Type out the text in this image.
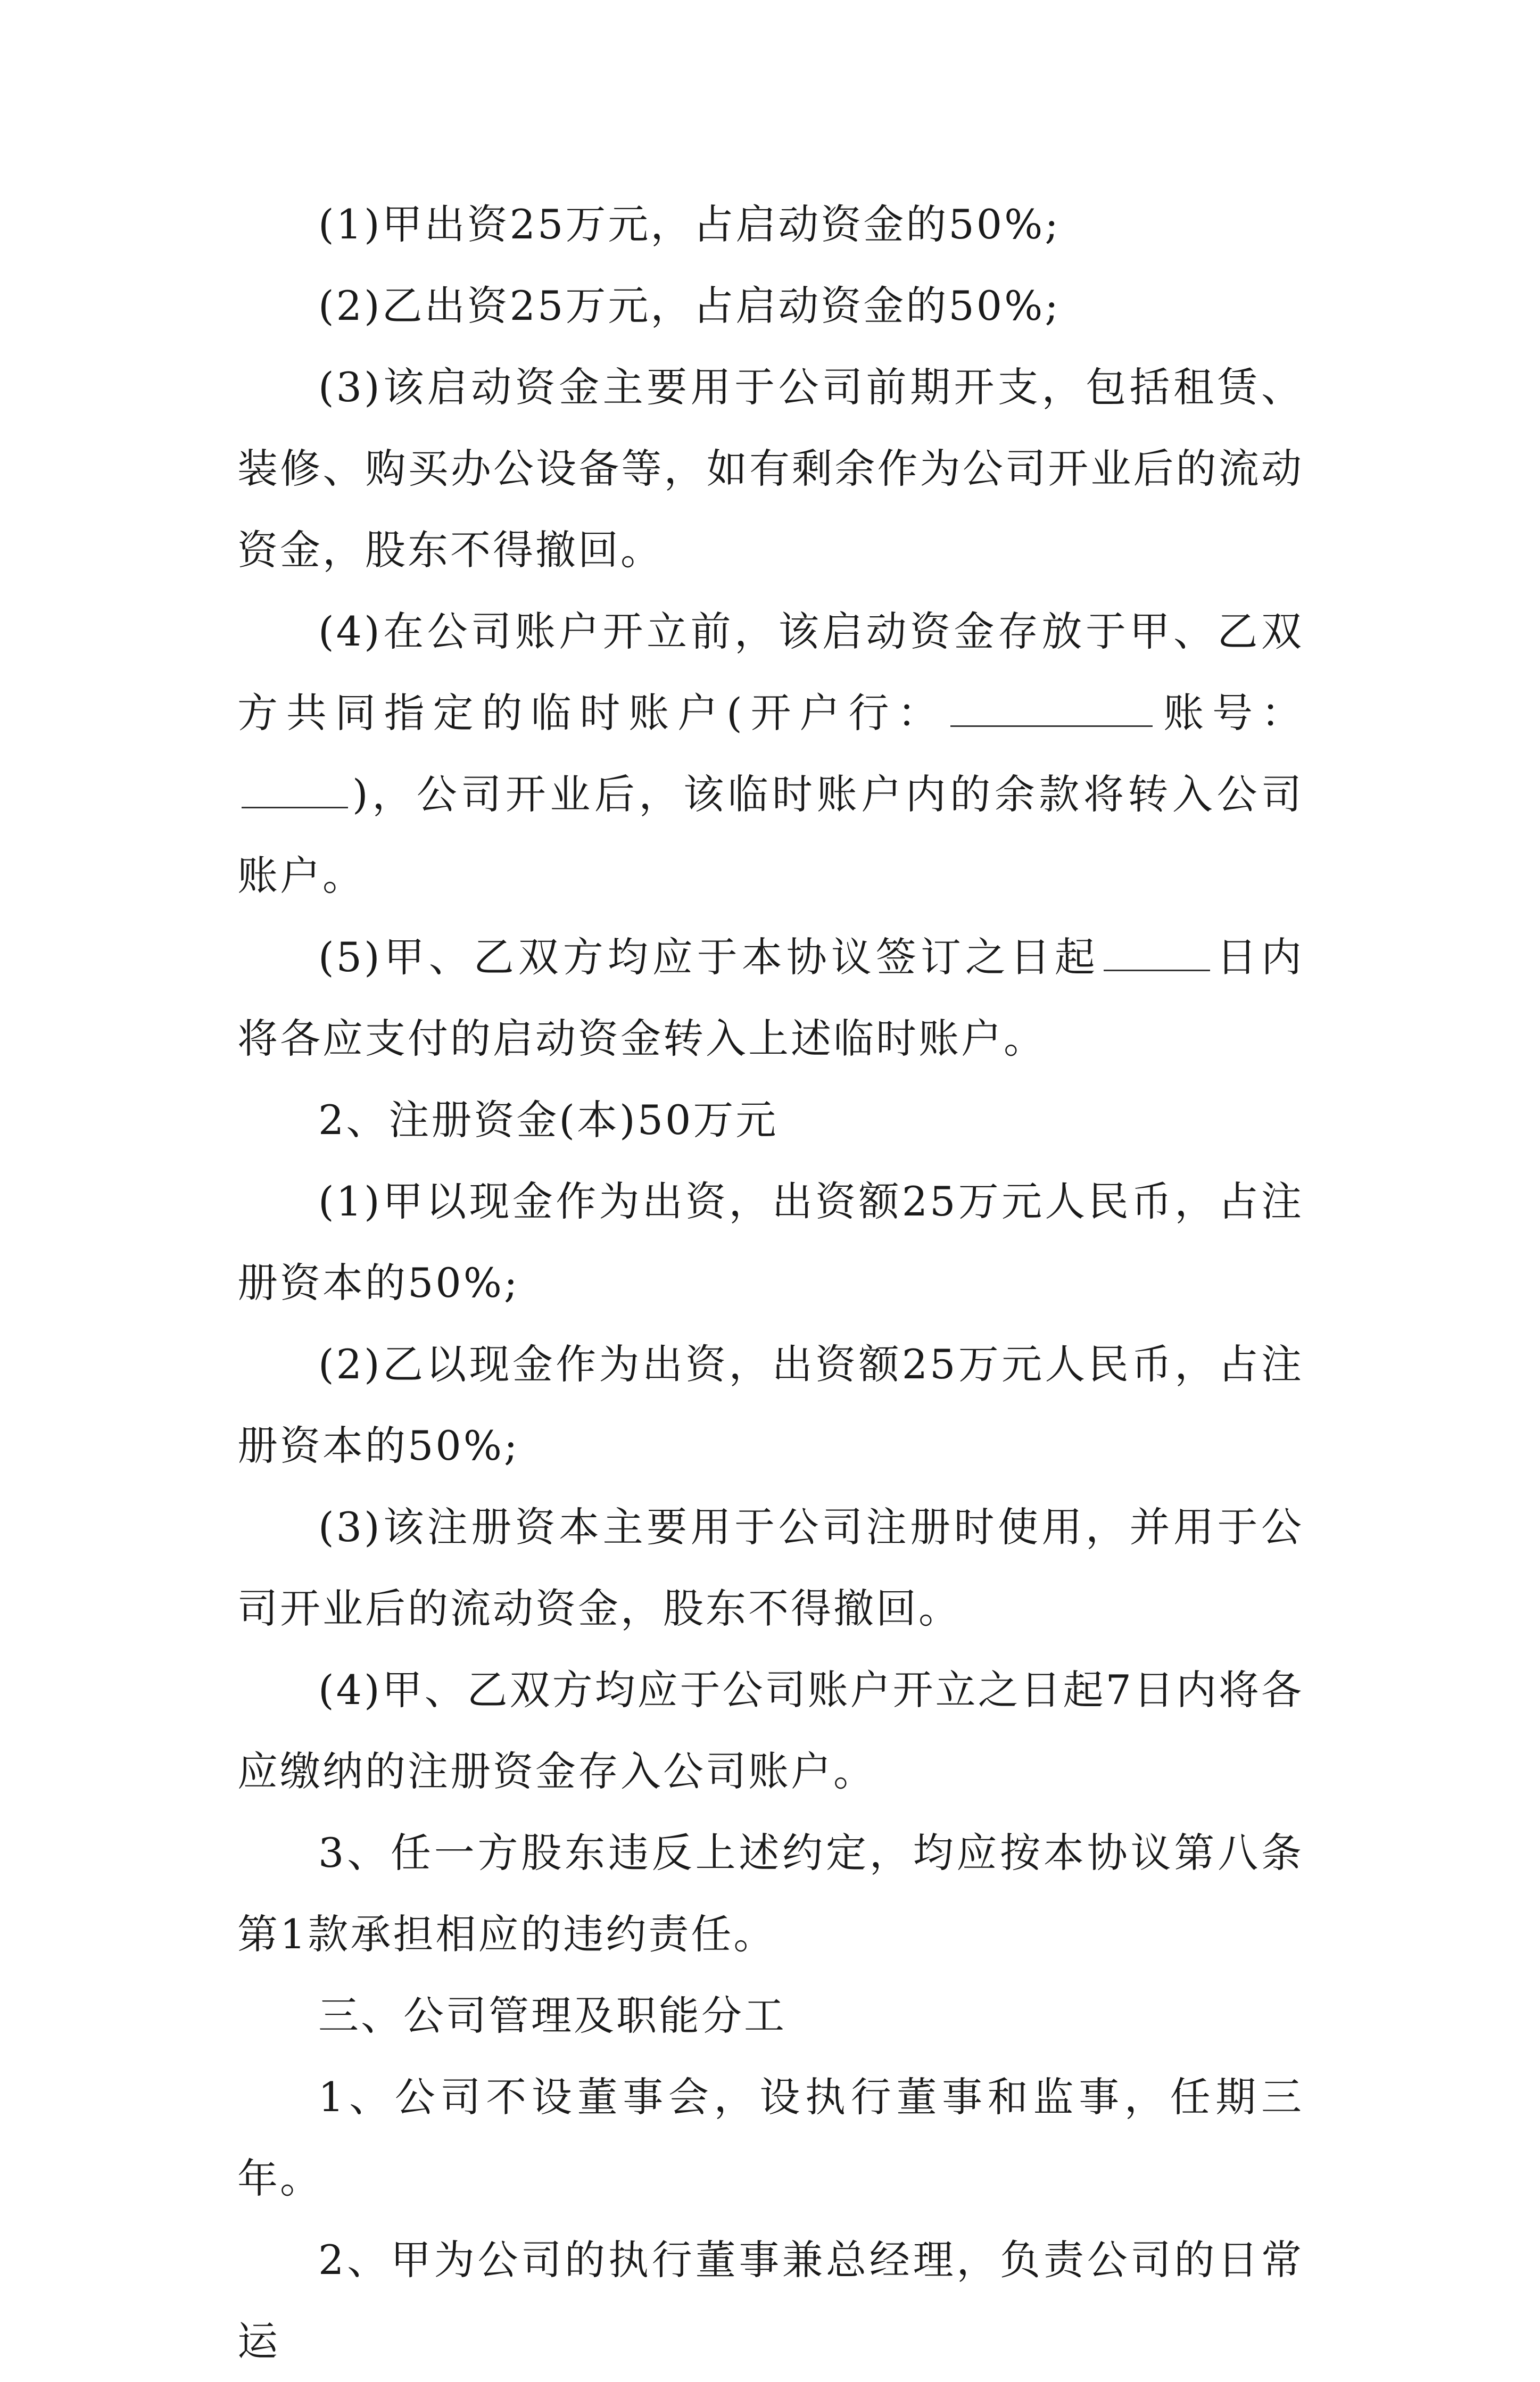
(1)甲出资25万元，占启动资金的50%;

(2)乙出资25万元，占启动资金的50%;

(3)该启动资金主要用于公司前期开支，包括租赁、装修、购买办公设备等，如有剩余作为公司开业后的流动资金，股东不得撤回。

(4)在公司账户开立前，该启动资金存放于甲、乙双方共同指定的临时账户(开户行：	账号：)，公司开业后，该临时账户内的余款将转入公司账户。

(5)甲、乙双方均应于本协议签订之日起	日内将各应支付的启动资金转入上述临时账户。

2、注册资金(本)50万元

(1)甲以现金作为出资，出资额25万元人民币，占注册资本的50%;

(2)乙以现金作为出资，出资额25万元人民币，占注册资本的50%;

(3)该注册资本主要用于公司注册时使用，并用于公司开业后的流动资金，股东不得撤回。

(4)甲、乙双方均应于公司账户开立之日起7日内将各应缴纳的注册资金存入公司账户。

3、任一方股东违反上述约定，均应按本协议第八条第1款承担相应的违约责任。

三、公司管理及职能分工

1、公司不设董事会，设执行董事和监事，任期三年。

2、甲为公司的执行董事兼总经理，负责公司的日常运
